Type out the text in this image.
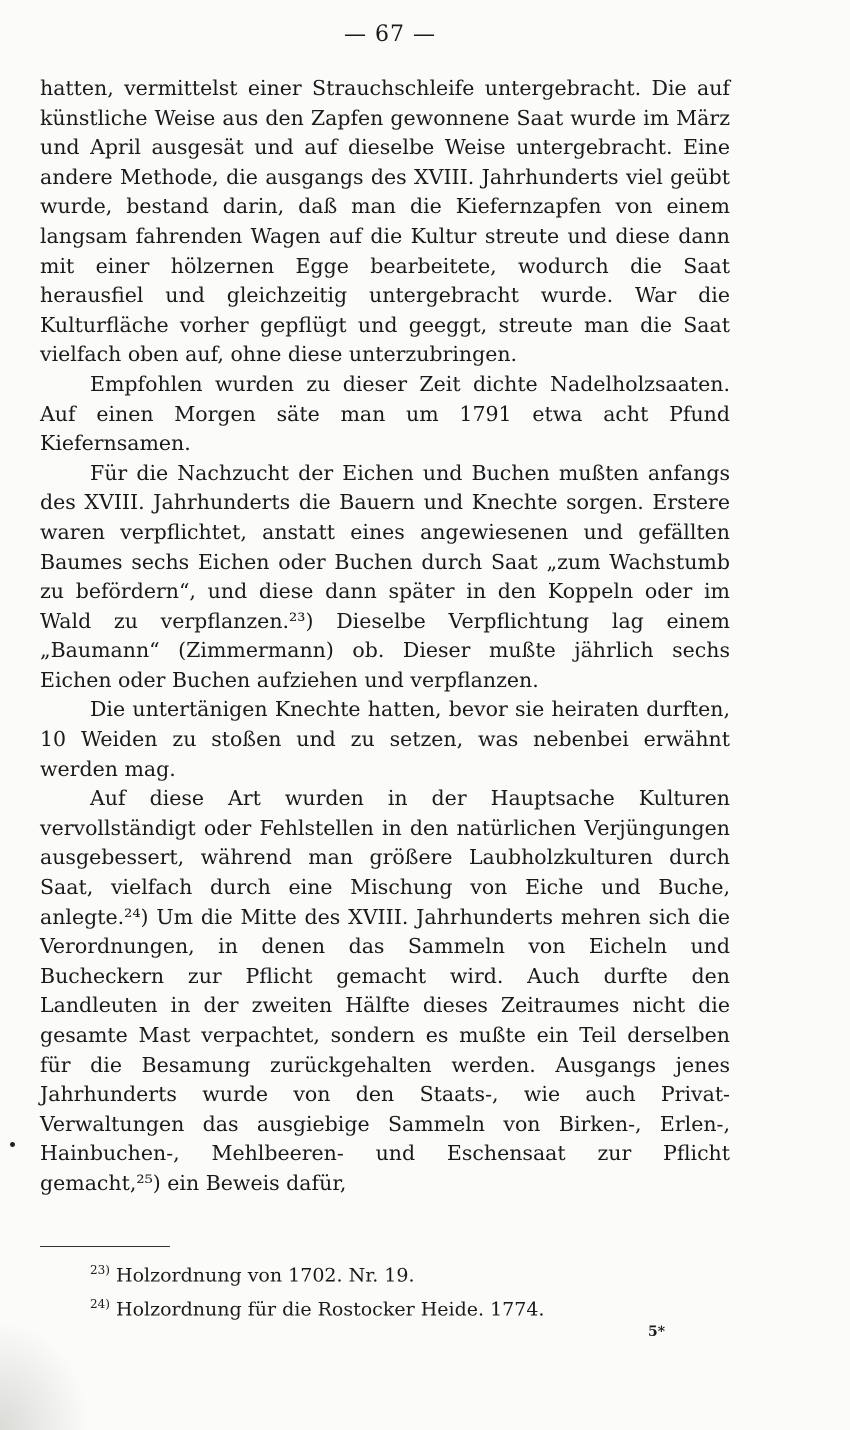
— 67 —

hatten, vermittelst einer Strauchschleife untergebracht. Die auf künstliche Weise aus den Zapfen gewonnene Saat wurde im März und April ausgesät und auf dieselbe Weise untergebracht. Eine andere Methode, die ausgangs des XVIII. Jahrhunderts viel geübt wurde, bestand darin, daß man die Kiefernzapfen von einem langsam fahrenden Wagen auf die Kultur streute und diese dann mit einer hölzernen Egge bearbeitete, wodurch die Saat herausfiel und gleichzeitig untergebracht wurde. War die Kulturfläche vorher gepflügt und geeggt, streute man die Saat vielfach oben auf, ohne diese unterzubringen.

Empfohlen wurden zu dieser Zeit dichte Nadelholzsaaten. Auf einen Morgen säte man um 1791 etwa acht Pfund Kiefernsamen.

Für die Nachzucht der Eichen und Buchen mußten anfangs des XVIII. Jahrhunderts die Bauern und Knechte sorgen. Erstere waren verpflichtet, anstatt eines angewiesenen und gefällten Baumes sechs Eichen oder Buchen durch Saat „zum Wachstumb zu befördern“, und diese dann später in den Koppeln oder im Wald zu verpflanzen.²³) Dieselbe Verpflichtung lag einem „Baumann“ (Zimmermann) ob. Dieser mußte jährlich sechs Eichen oder Buchen aufziehen und verpflanzen.

Die untertänigen Knechte hatten, bevor sie heiraten durften, 10 Weiden zu stoßen und zu setzen, was nebenbei erwähnt werden mag.

Auf diese Art wurden in der Hauptsache Kulturen vervollständigt oder Fehlstellen in den natürlichen Verjüngungen ausgebessert, während man größere Laubholzkulturen durch Saat, vielfach durch eine Mischung von Eiche und Buche, anlegte.²⁴) Um die Mitte des XVIII. Jahrhunderts mehren sich die Verordnungen, in denen das Sammeln von Eicheln und Bucheckern zur Pflicht gemacht wird. Auch durfte den Landleuten in der zweiten Hälfte dieses Zeitraumes nicht die gesamte Mast verpachtet, sondern es mußte ein Teil derselben für die Besamung zurückgehalten werden. Ausgangs jenes Jahrhunderts wurde von den Staats-, wie auch Privat-Verwaltungen das ausgiebige Sammeln von Birken-, Erlen-, Hainbuchen-, Mehlbeeren- und Eschensaat zur Pflicht gemacht,²⁵) ein Beweis dafür,

$^{23)}$ Holzordnung von 1702. Nr. 19.

$^{24)}$ Holzordnung für die Rostocker Heide. 1774.

5*
